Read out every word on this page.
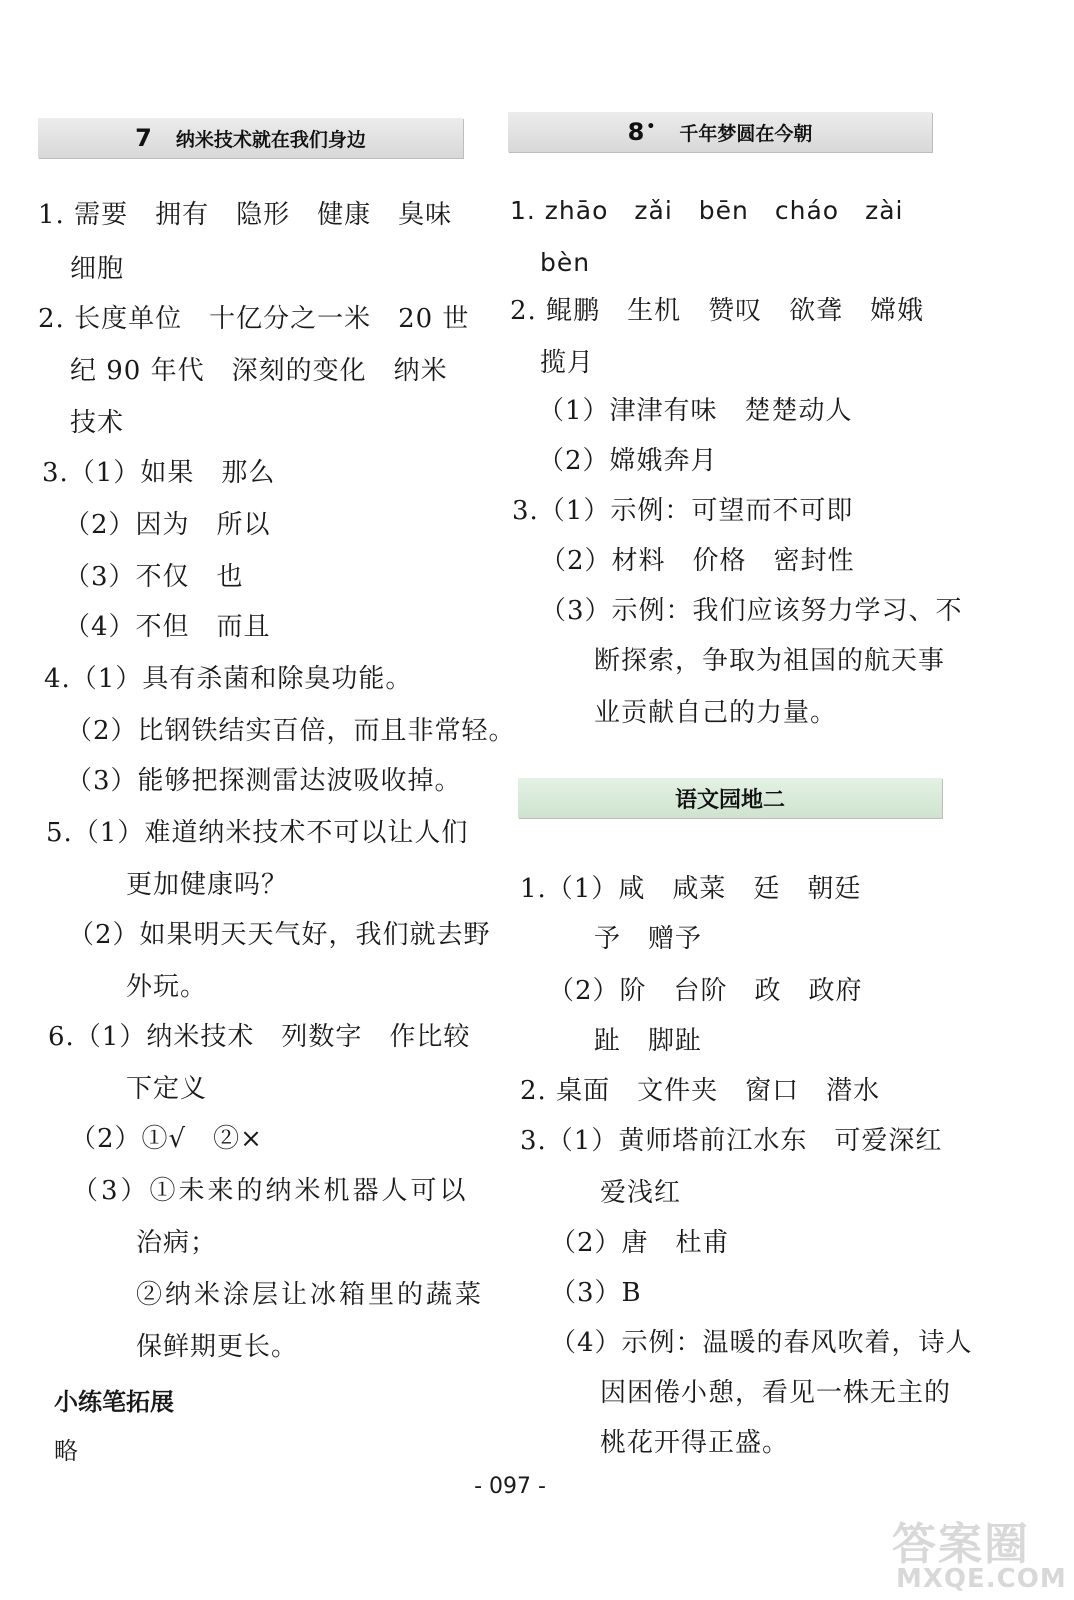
7 纳米技术就在我们身边
1. 需要　拥有　隐形　健康　臭味
细胞
2. 长度单位　十亿分之一米　20 世
纪 90 年代　深刻的变化　纳米
技术
3.（1）如果　那么
（2）因为　所以
（3）不仅　也
（4）不但　而且
4.（1）具有杀菌和除臭功能。
（2）比钢铁结实百倍，而且非常轻。
（3）能够把探测雷达波吸收掉。
5.（1）难道纳米技术不可以让人们
更加健康吗？
（2）如果明天天气好，我们就去野
外玩。
6.（1）纳米技术　列数字　作比较
下定义
（2）①√　②×
（3）①未来的纳米机器人可以
治病；
②纳米涂层让冰箱里的蔬菜
保鲜期更长。
小练笔拓展
略
8 • 千年梦圆在今朝
1. zhāo　zǎi　bēn　cháo　zài
bèn
2. 鲲鹏　生机　赞叹　欲聋　嫦娥
揽月
（1）津津有味　楚楚动人
（2）嫦娥奔月
3.（1）示例：可望而不可即
（2）材料　价格　密封性
（3）示例：我们应该努力学习、不
断探索，争取为祖国的航天事
业贡献自己的力量。
语文园地二
1.（1）咸　咸菜　廷　朝廷
予　赠予
（2）阶　台阶　政　政府
趾　脚趾
2. 桌面　文件夹　窗口　潜水
3.（1）黄师塔前江水东　可爱深红
爱浅红
（2）唐　杜甫
（3）B
（4）示例：温暖的春风吹着，诗人
因困倦小憩，看见一株无主的
桃花开得正盛。
- 097 -
答案圈
MXQE.COM
